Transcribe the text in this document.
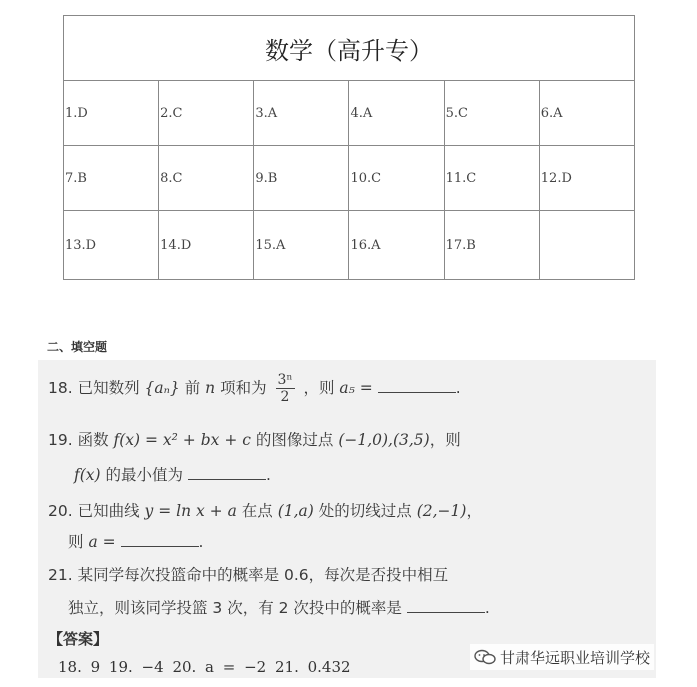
数学（高升专）					
1.D	2.C	3.A	4.A	5.C	6.A
7.B	8.C	9.B	10.C	11.C	12.D
13.D	14.D	15.A	16.A	17.B	
二、填空题
18. 已知数列 {aₙ} 前 n 项和为 $\frac{\text{3ⁿ}}{2}$ ，则 a₅ =	.
19. 函数 f(x) = x² + bx + c 的图像过点 (−1,0),(3,5)，则
f(x) 的最小值为	.
20. 已知曲线 y = ln x + a 在点 (1,a) 处的切线过点 (2,−1)，
则 a =	.
21. 某同学每次投篮命中的概率是 0.6，每次是否投中相互
独立，则该同学投篮 3 次，有 2 次投中的概率是	.
【答案】
18. 9 19. −4 20. a = −2 21. 0.432
甘肃华远职业培训学校
